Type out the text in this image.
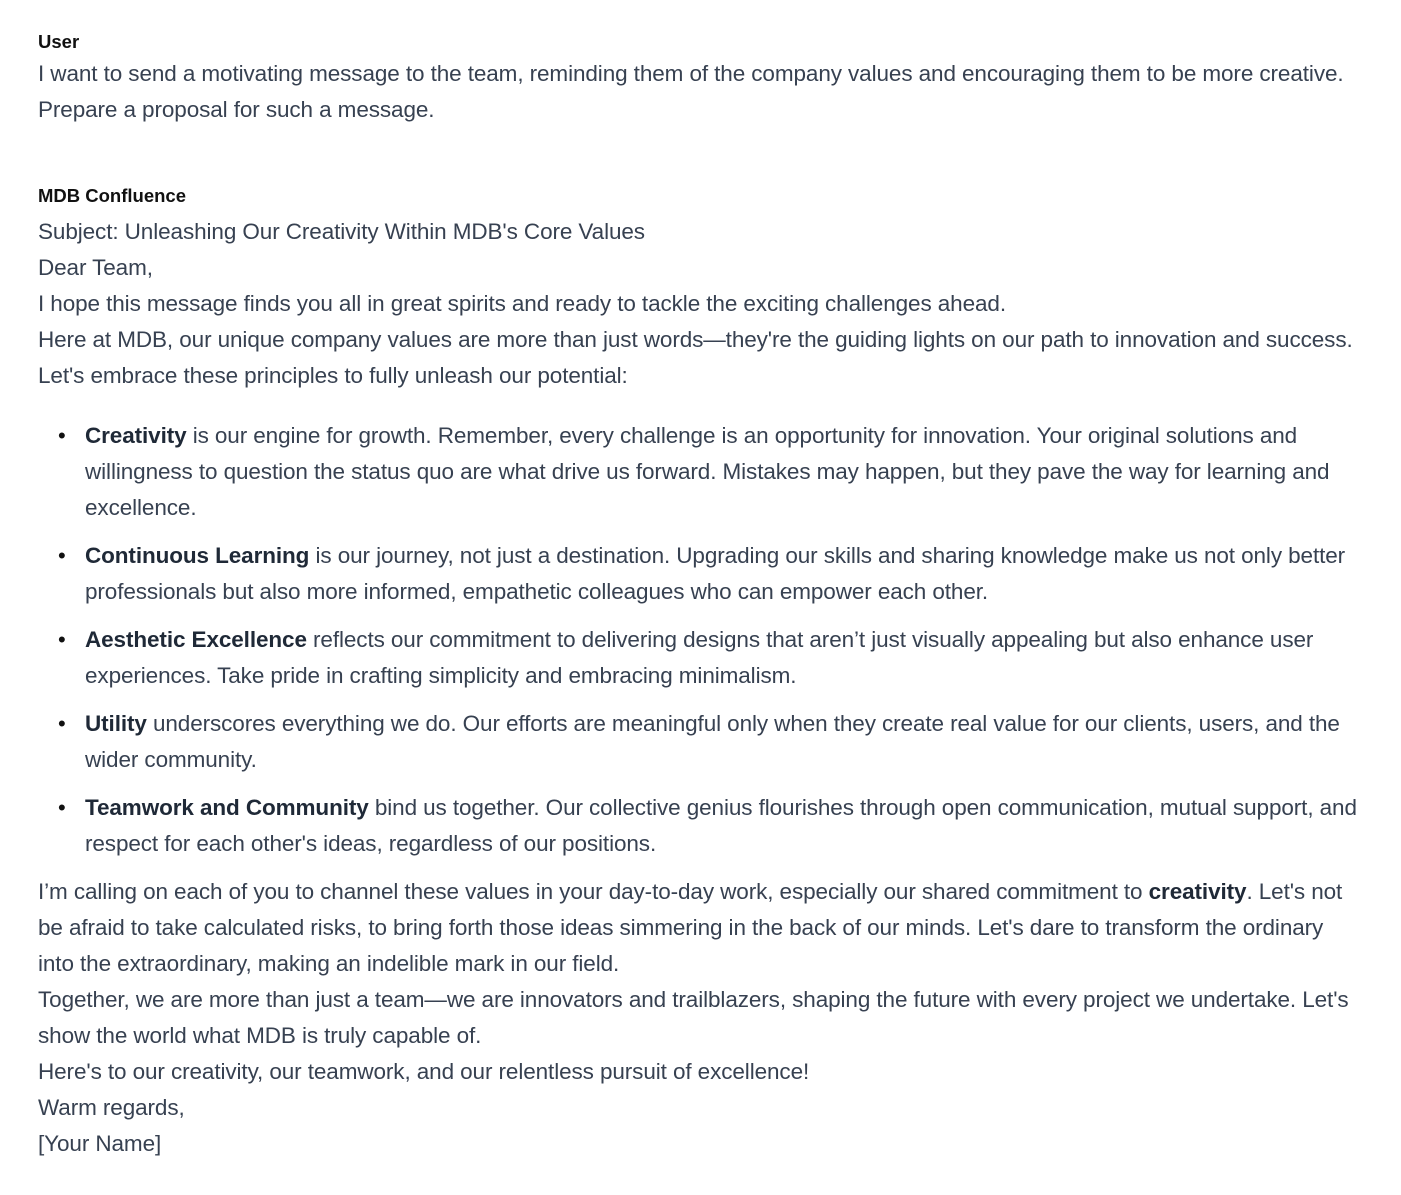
User

I want to send a motivating message to the team, reminding them of the company values and encouraging them to be more creative. Prepare a proposal for such a message.

MDB Confluence

Subject: Unleashing Our Creativity Within MDB's Core Values

Dear Team,

I hope this message finds you all in great spirits and ready to tackle the exciting challenges ahead.

Here at MDB, our unique company values are more than just words—they're the guiding lights on our path to innovation and success. Let's embrace these principles to fully unleash our potential:

• Creativity is our engine for growth. Remember, every challenge is an opportunity for innovation. Your original solutions and willingness to question the status quo are what drive us forward. Mistakes may happen, but they pave the way for learning and excellence.
• Continuous Learning is our journey, not just a destination. Upgrading our skills and sharing knowledge make us not only better professionals but also more informed, empathetic colleagues who can empower each other.
• Aesthetic Excellence reflects our commitment to delivering designs that aren’t just visually appealing but also enhance user experiences. Take pride in crafting simplicity and embracing minimalism.
• Utility underscores everything we do. Our efforts are meaningful only when they create real value for our clients, users, and the wider community.
• Teamwork and Community bind us together. Our collective genius flourishes through open communication, mutual support, and respect for each other's ideas, regardless of our positions.

I’m calling on each of you to channel these values in your day-to-day work, especially our shared commitment to creativity. Let's not be afraid to take calculated risks, to bring forth those ideas simmering in the back of our minds. Let's dare to transform the ordinary into the extraordinary, making an indelible mark in our field.

Together, we are more than just a team—we are innovators and trailblazers, shaping the future with every project we undertake. Let's show the world what MDB is truly capable of.

Here's to our creativity, our teamwork, and our relentless pursuit of excellence!

Warm regards,

[Your Name]
